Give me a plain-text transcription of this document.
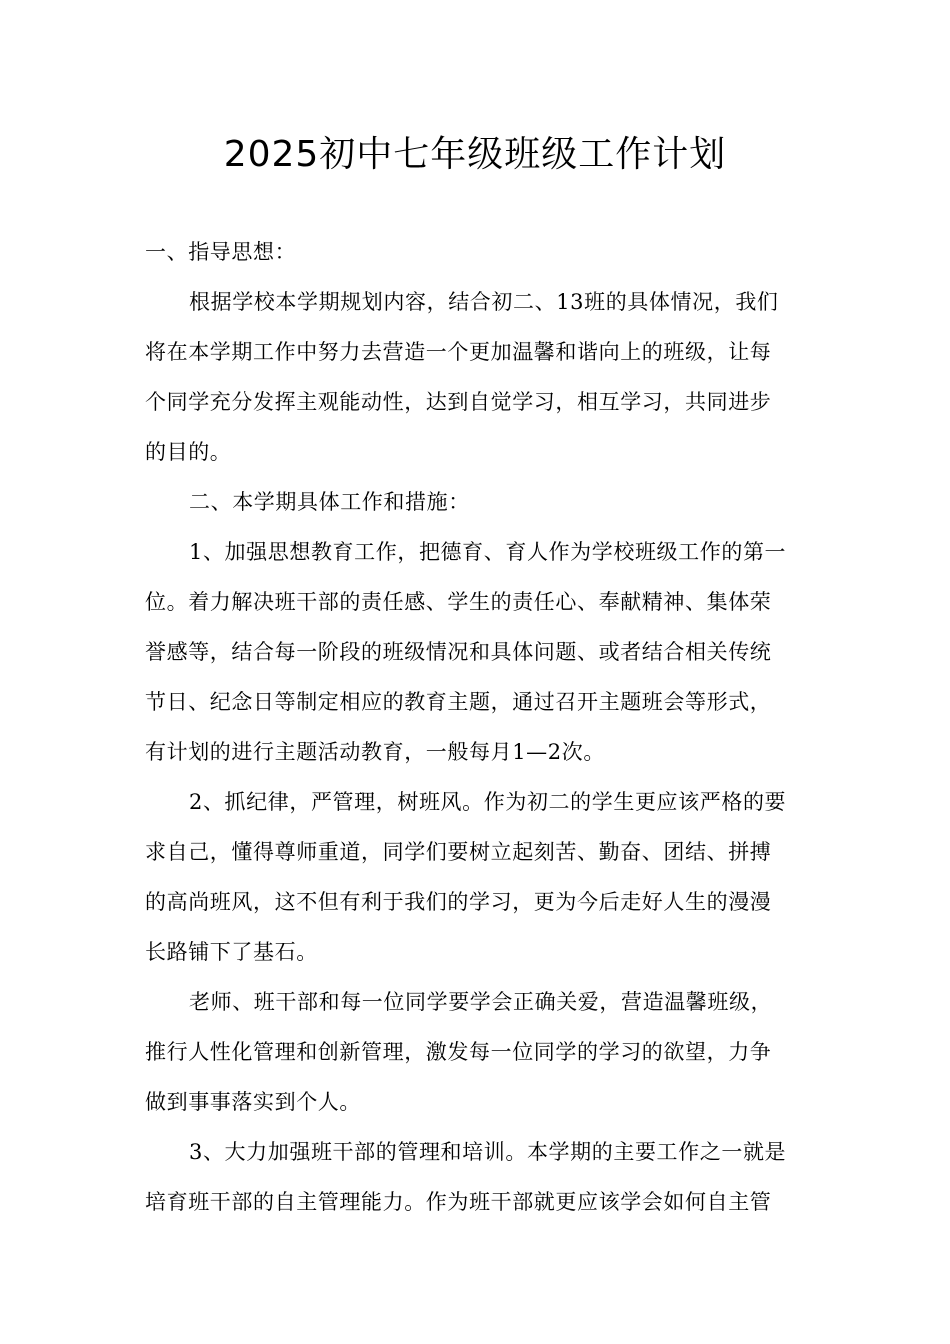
2025初中七年级班级工作计划
一、指导思想：
根据学校本学期规划内容，结合初二、13班的具体情况，我们
将在本学期工作中努力去营造一个更加温馨和谐向上的班级，让每
个同学充分发挥主观能动性，达到自觉学习，相互学习，共同进步
的目的。
二、本学期具体工作和措施：
1、加强思想教育工作，把德育、育人作为学校班级工作的第一
位。着力解决班干部的责任感、学生的责任心、奉献精神、集体荣
誉感等，结合每一阶段的班级情况和具体问题、或者结合相关传统
节日、纪念日等制定相应的教育主题，通过召开主题班会等形式，
有计划的进行主题活动教育，一般每月1—2次。
2、抓纪律，严管理，树班风。作为初二的学生更应该严格的要
求自己，懂得尊师重道，同学们要树立起刻苦、勤奋、团结、拼搏
的高尚班风，这不但有利于我们的学习，更为今后走好人生的漫漫
长路铺下了基石。
老师、班干部和每一位同学要学会正确关爱，营造温馨班级，
推行人性化管理和创新管理，激发每一位同学的学习的欲望，力争
做到事事落实到个人。
3、大力加强班干部的管理和培训。本学期的主要工作之一就是
培育班干部的自主管理能力。作为班干部就更应该学会如何自主管
